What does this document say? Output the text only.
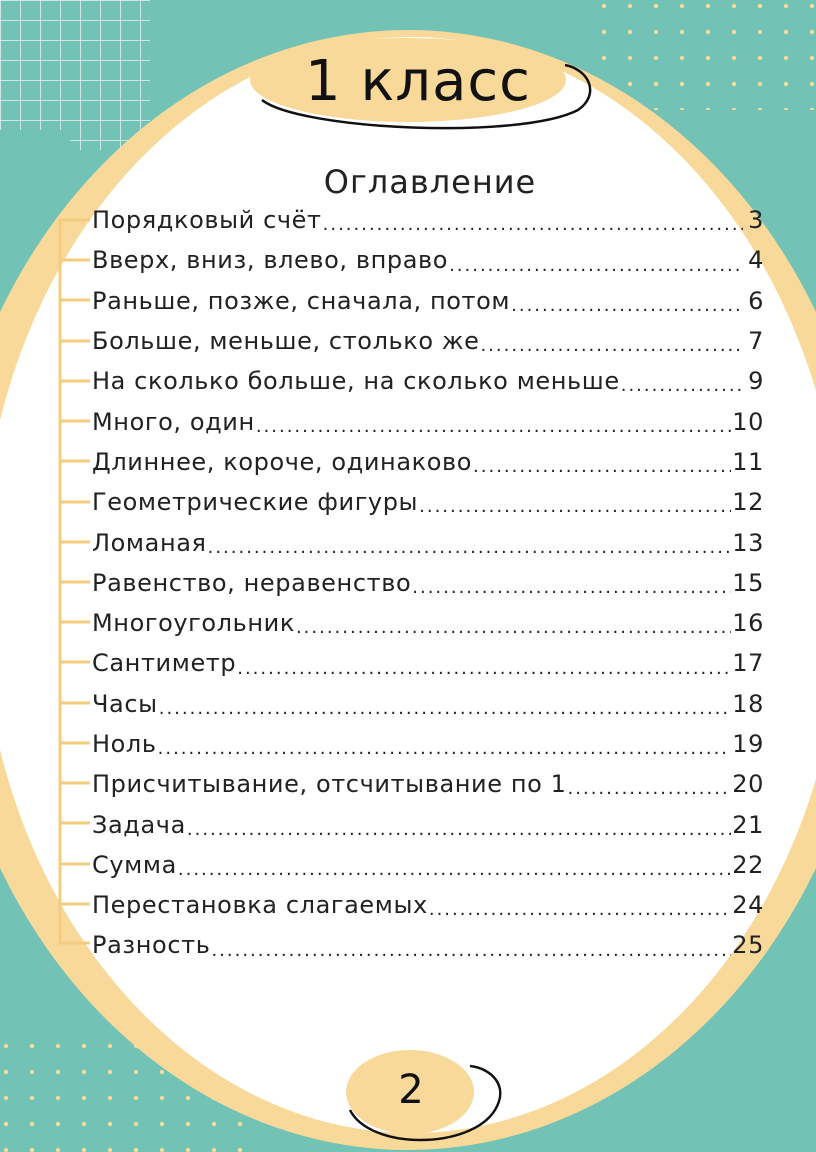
1 класс
Оглавление
Порядковый счёт .....	3
Вверх, вниз, влево, вправо .....	4
Раньше, позже, сначала, потом .....	6
Больше, меньше, столько же .....	7
На сколько больше, на сколько меньше .....	9
Много, один .....	10
Длиннее, короче, одинаково .....	11
Геометрические фигуры .....	12
Ломаная .....	13
Равенство, неравенство .....	15
Многоугольник .....	16
Сантиметр .....	17
Часы .....	18
Ноль .....	19
Присчитывание, отсчитывание по 1 .....	20
Задача .....	21
Сумма .....	22
Перестановка слагаемых .....	24
Разность .....	25
2
